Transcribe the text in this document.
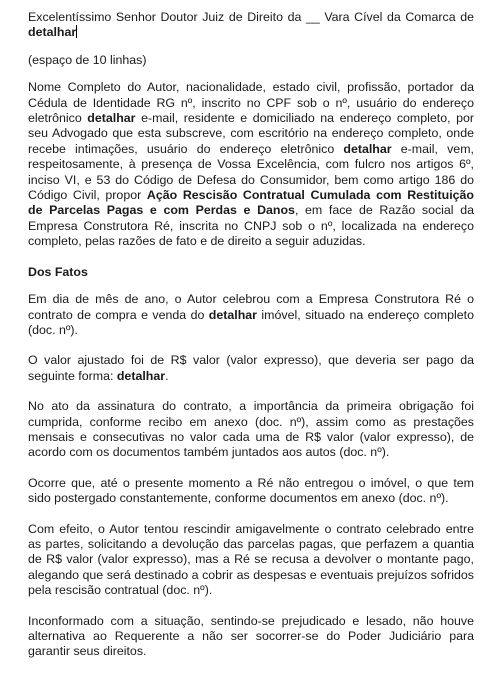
Excelentíssimo Senhor Doutor Juiz de Direito da __ Vara Cível da Comarca de detalhar

(espaço de 10 linhas)

Nome Completo do Autor, nacionalidade, estado civil, profissão, portador da Cédula de Identidade RG nº, inscrito no CPF sob o nº, usuário do endereço eletrônico detalhar e-mail, residente e domiciliado na endereço completo, por seu Advogado que esta subscreve, com escritório na endereço completo, onde recebe intimações, usuário do endereço eletrônico detalhar e-mail, vem, respeitosamente, à presença de Vossa Excelência, com fulcro nos artigos 6º, inciso VI, e 53 do Código de Defesa do Consumidor, bem como artigo 186 do Código Civil, propor Ação Rescisão Contratual Cumulada com Restituição de Parcelas Pagas e com Perdas e Danos, em face de Razão social da Empresa Construtora Ré, inscrita no CNPJ sob o nº, localizada na endereço completo, pelas razões de fato e de direito a seguir aduzidas.

Dos Fatos

Em dia de mês de ano, o Autor celebrou com a Empresa Construtora Ré o contrato de compra e venda do detalhar imóvel, situado na endereço completo (doc. nº).

O valor ajustado foi de R$ valor (valor expresso), que deveria ser pago da seguinte forma: detalhar.

No ato da assinatura do contrato, a importância da primeira obrigação foi cumprida, conforme recibo em anexo (doc. nº), assim como as prestações mensais e consecutivas no valor cada uma de R$ valor (valor expresso), de acordo com os documentos também juntados aos autos (doc. nº).

Ocorre que, até o presente momento a Ré não entregou o imóvel, o que tem sido postergado constantemente, conforme documentos em anexo (doc. nº).

Com efeito, o Autor tentou rescindir amigavelmente o contrato celebrado entre as partes, solicitando a devolução das parcelas pagas, que perfazem a quantia de R$ valor (valor expresso), mas a Ré se recusa a devolver o montante pago, alegando que será destinado a cobrir as despesas e eventuais prejuízos sofridos pela rescisão contratual (doc. nº).

Inconformado com a situação, sentindo-se prejudicado e lesado, não houve alternativa ao Requerente a não ser socorrer-se do Poder Judiciário para garantir seus direitos.
